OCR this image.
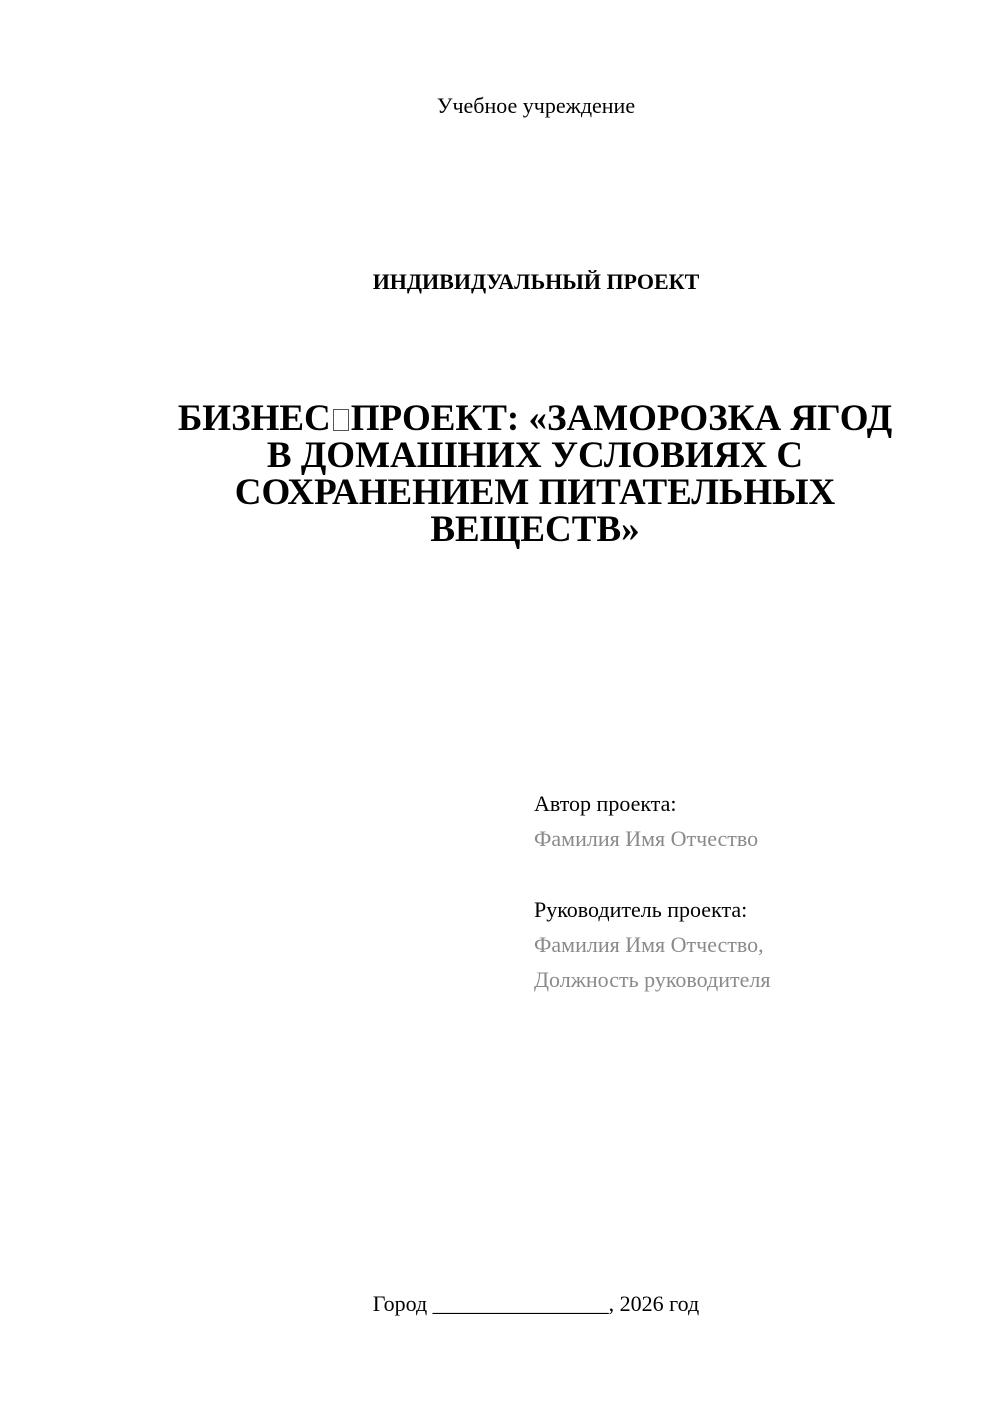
Учебное учреждение
ИНДИВИДУАЛЬНЫЙ ПРОЕКТ
БИЗНЕС ПРОЕКТ: «ЗАМОРОЗКА ЯГОД
В ДОМАШНИХ УСЛОВИЯХ С
СОХРАНЕНИЕМ ПИТАТЕЛЬНЫХ
ВЕЩЕСТВ»
Автор проекта:
Фамилия Имя Отчество
Руководитель проекта:
Фамилия Имя Отчество,
Должность руководителя
Город ________________, 2026 год
